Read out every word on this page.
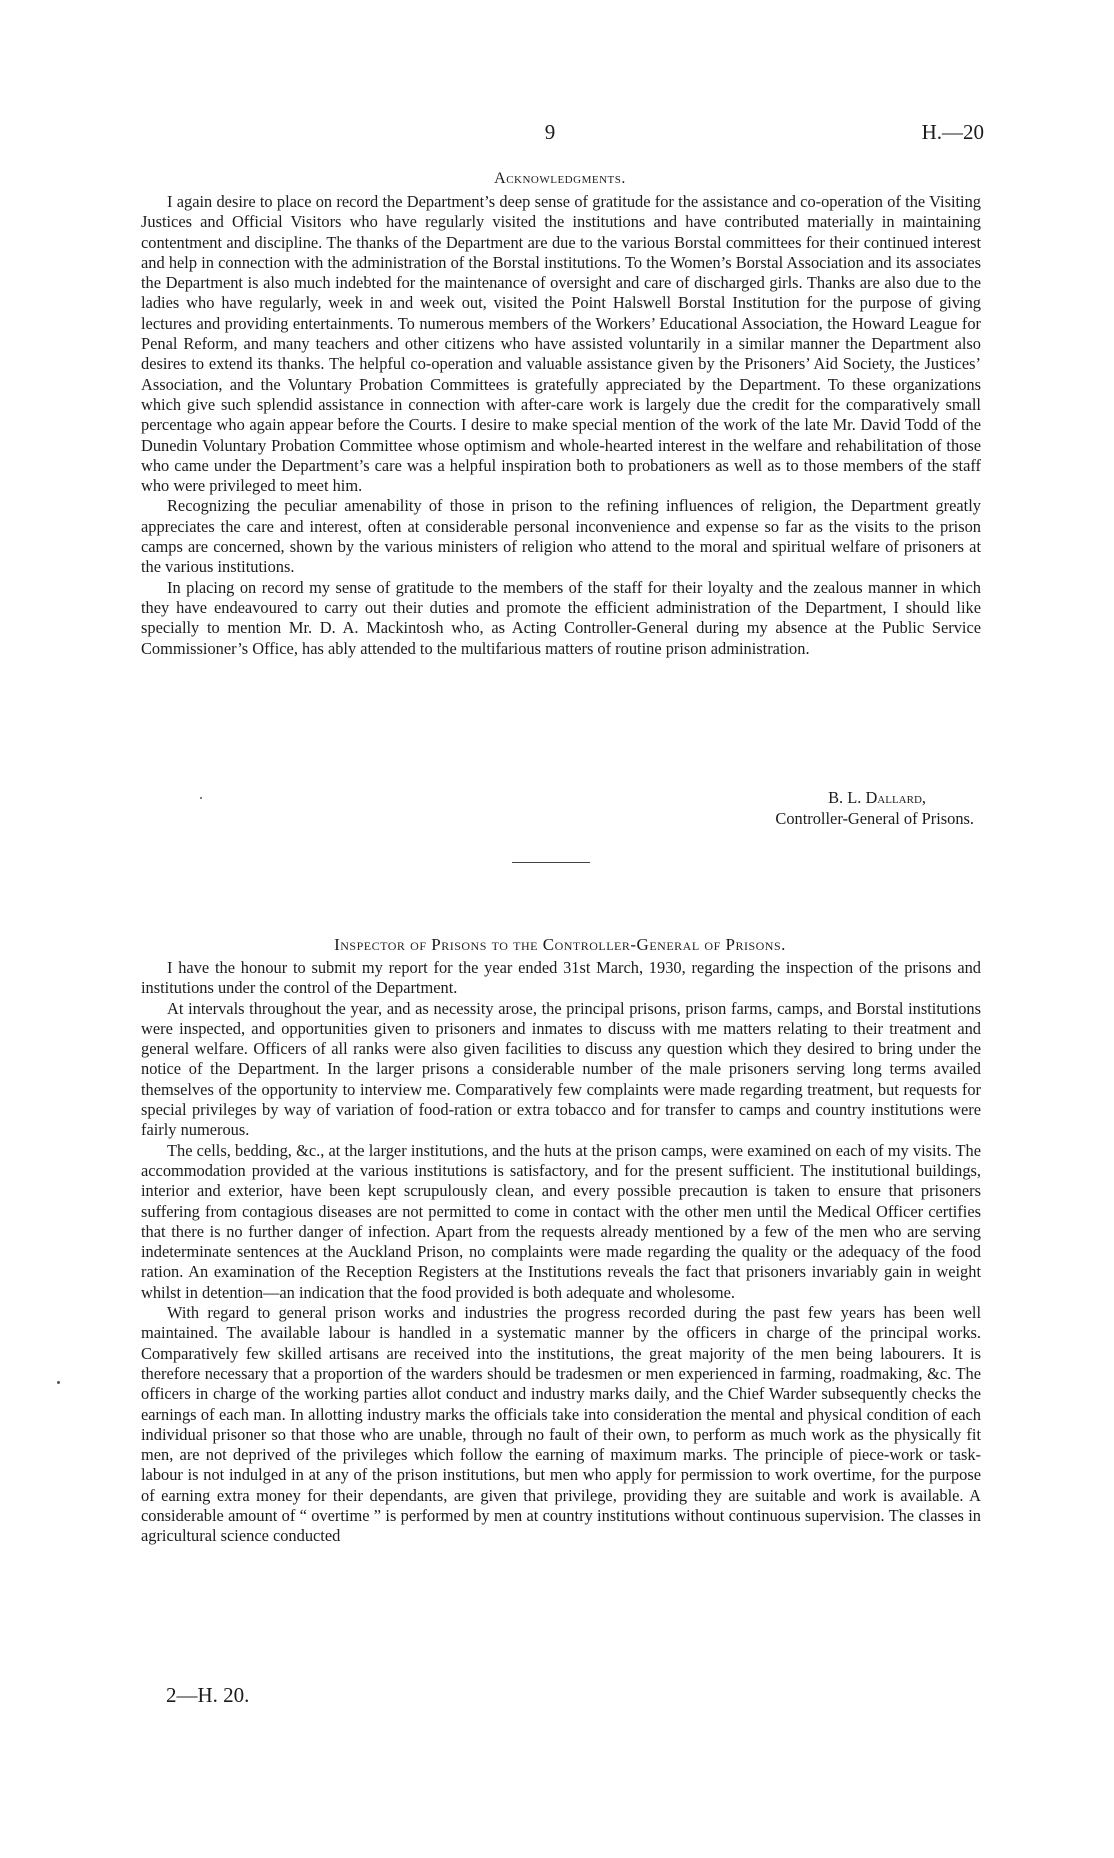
9	H.—20
Acknowledgments.

I again desire to place on record the Department’s deep sense of gratitude for the assistance and co-operation of the Visiting Justices and Official Visitors who have regularly visited the institutions and have contributed materially in maintaining contentment and discipline. The thanks of the Department are due to the various Borstal committees for their continued interest and help in connection with the administration of the Borstal institutions. To the Women’s Borstal Association and its associates the Department is also much indebted for the maintenance of oversight and care of discharged girls. Thanks are also due to the ladies who have regularly, week in and week out, visited the Point Halswell Borstal Institution for the purpose of giving lectures and providing entertainments. To numerous members of the Workers’ Educational Association, the Howard League for Penal Reform, and many teachers and other citizens who have assisted voluntarily in a similar manner the Department also desires to extend its thanks. The helpful co-operation and valuable assistance given by the Prisoners’ Aid Society, the Justices’ Association, and the Voluntary Probation Committees is gratefully appreciated by the Department. To these organizations which give such splendid assistance in connection with after-care work is largely due the credit for the comparatively small percentage who again appear before the Courts. I desire to make special mention of the work of the late Mr. David Todd of the Dunedin Voluntary Probation Committee whose optimism and whole-hearted interest in the welfare and rehabilitation of those who came under the Department’s care was a helpful inspiration both to probationers as well as to those members of the staff who were privileged to meet him.

Recognizing the peculiar amenability of those in prison to the refining influences of religion, the Department greatly appreciates the care and interest, often at considerable personal inconvenience and expense so far as the visits to the prison camps are concerned, shown by the various ministers of religion who attend to the moral and spiritual welfare of prisoners at the various institutions.

In placing on record my sense of gratitude to the members of the staff for their loyalty and the zealous manner in which they have endeavoured to carry out their duties and promote the efficient administration of the Department, I should like specially to mention Mr. D. A. Mackintosh who, as Acting Controller-General during my absence at the Public Service Commissioner’s Office, has ably attended to the multifarious matters of routine prison administration.

B. L. Dallard,
Controller-General of Prisons.
Inspector of Prisons to the Controller-General of Prisons.

I have the honour to submit my report for the year ended 31st March, 1930, regarding the inspection of the prisons and institutions under the control of the Department.

At intervals throughout the year, and as necessity arose, the principal prisons, prison farms, camps, and Borstal institutions were inspected, and opportunities given to prisoners and inmates to discuss with me matters relating to their treatment and general welfare. Officers of all ranks were also given facilities to discuss any question which they desired to bring under the notice of the Department. In the larger prisons a considerable number of the male prisoners serving long terms availed themselves of the opportunity to interview me. Comparatively few complaints were made regarding treatment, but requests for special privileges by way of variation of food-ration or extra tobacco and for transfer to camps and country institutions were fairly numerous.

The cells, bedding, &c., at the larger institutions, and the huts at the prison camps, were examined on each of my visits. The accommodation provided at the various institutions is satisfactory, and for the present sufficient. The institutional buildings, interior and exterior, have been kept scrupulously clean, and every possible precaution is taken to ensure that prisoners suffering from contagious diseases are not permitted to come in contact with the other men until the Medical Officer certifies that there is no further danger of infection. Apart from the requests already mentioned by a few of the men who are serving indeterminate sentences at the Auckland Prison, no complaints were made regarding the quality or the adequacy of the food ration. An examination of the Reception Registers at the Institutions reveals the fact that prisoners invariably gain in weight whilst in detention—an indication that the food provided is both adequate and wholesome.

With regard to general prison works and industries the progress recorded during the past few years has been well maintained. The available labour is handled in a systematic manner by the officers in charge of the principal works. Comparatively few skilled artisans are received into the institutions, the great majority of the men being labourers. It is therefore necessary that a proportion of the warders should be tradesmen or men experienced in farming, roadmaking, &c. The officers in charge of the working parties allot conduct and industry marks daily, and the Chief Warder subsequently checks the earnings of each man. In allotting industry marks the officials take into consideration the mental and physical condition of each individual prisoner so that those who are unable, through no fault of their own, to perform as much work as the physically fit men, are not deprived of the privileges which follow the earning of maximum marks. The principle of piece-work or task-labour is not indulged in at any of the prison institutions, but men who apply for permission to work overtime, for the purpose of earning extra money for their dependants, are given that privilege, providing they are suitable and work is available. A considerable amount of “ overtime ” is performed by men at country institutions without continuous supervision. The classes in agricultural science conducted

2—H. 20.
